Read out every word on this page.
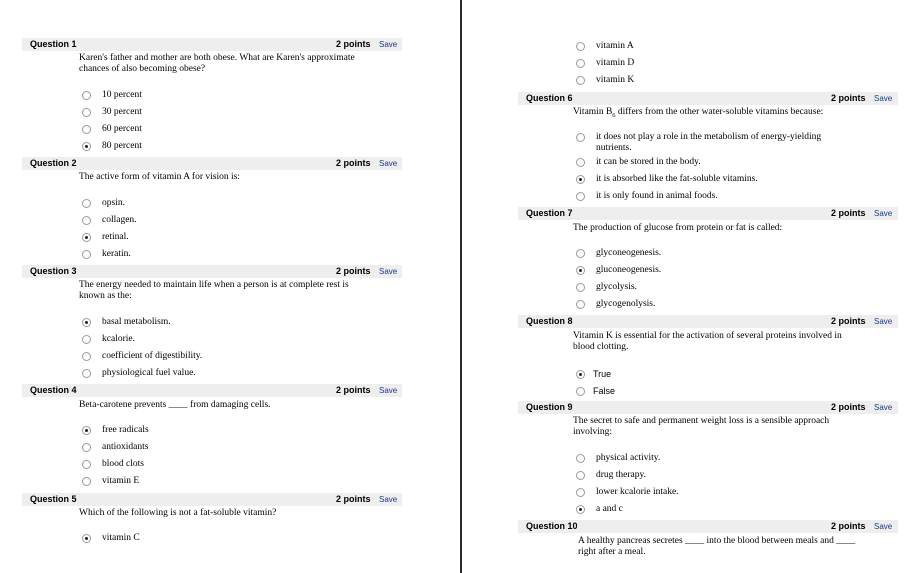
Question 1	2 points Save
Karen's father and mother are both obese. What are Karen's approximate
chances of also becoming obese?
10 percent
30 percent
60 percent
80 percent
Question 2	2 points Save
The active form of vitamin A for vision is:
opsin.
collagen.
retinal.
keratin.
Question 3	2 points Save
The energy needed to maintain life when a person is at complete rest is
known as the:
basal metabolism.
kcalorie.
coefficient of digestibility.
physiological fuel value.
Question 4	2 points Save
Beta-carotene prevents ____ from damaging cells.
free radicals
antioxidants
blood clots
vitamin E
Question 5	2 points Save
Which of the following is not a fat-soluble vitamin?
vitamin C
vitamin A
vitamin D
vitamin K
Question 6	2 points Save
Vitamin $B_6$ differs from the other water-soluble vitamins because:
it does not play a role in the metabolism of energy-yielding
nutrients.
it can be stored in the body.
it is absorbed like the fat-soluble vitamins.
it is only found in animal foods.
Question 7	2 points Save
The production of glucose from protein or fat is called:
glyconeogenesis.
gluconeogenesis.
glycolysis.
glycogenolysis.
Question 8	2 points Save
Vitamin K is essential for the activation of several proteins involved in
blood clotting.
True
False
Question 9	2 points Save
The secret to safe and permanent weight loss is a sensible approach
involving:
physical activity.
drug therapy.
lower kcalorie intake.
a and c
Question 10	2 points Save
A healthy pancreas secretes ____ into the blood between meals and ____
right after a meal.
